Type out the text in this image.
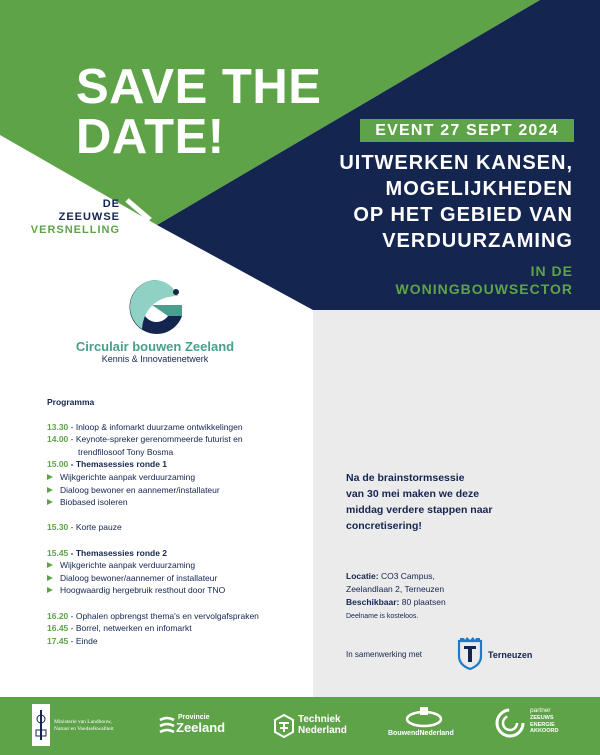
SAVE THE
DATE!	EVENT 27 SEPT 2024
UITWERKEN KANSEN,
MOGELIJKHEDEN
OP HET GEBIED VAN
VERDUURZAMING
IN DE
WONINGBOUWSECTOR
DE
ZEEUWSE
VERSNELLING
Circulair bouwen Zeeland
Kennis & Innovatienetwerk
Programma
13.30 - Inloop & infomarkt duurzame ontwikkelingen
14.00 - Keynote-spreker gerenommeerde futurist en
trendfilosoof Tony Bosma
15.00 - Themasessies ronde 1
Wijkgerichte aanpak verduurzaming
Dialoog bewoner en aannemer/installateur
Biobased isoleren
15.30 - Korte pauze
15.45 - Themasessies ronde 2
Wijkgerichte aanpak verduurzaming
Dialoog bewoner/aannemer of installateur
Hoogwaardig hergebruik resthout door TNO
16.20 - Ophalen opbrengst thema's en vervolgafspraken
16.45 - Borrel, netwerken en infomarkt
17.45 - Einde
Na de brainstormsessie
van 30 mei maken we deze
middag verdere stappen naar
concretisering!
Locatie: CO3 Campus,
Zeelandlaan 2, Terneuzen
Beschikbaar: 80 plaatsen
Deelname is kosteloos.
In samenwerking met	Terneuzen
Ministerie van Landbouw,
Natuur en Voedselkwaliteit
Provincie
Zeeland
Techniek
Nederland	BouwendNederland
partner
ZEEUWS
ENERGIE
AKKOORD
